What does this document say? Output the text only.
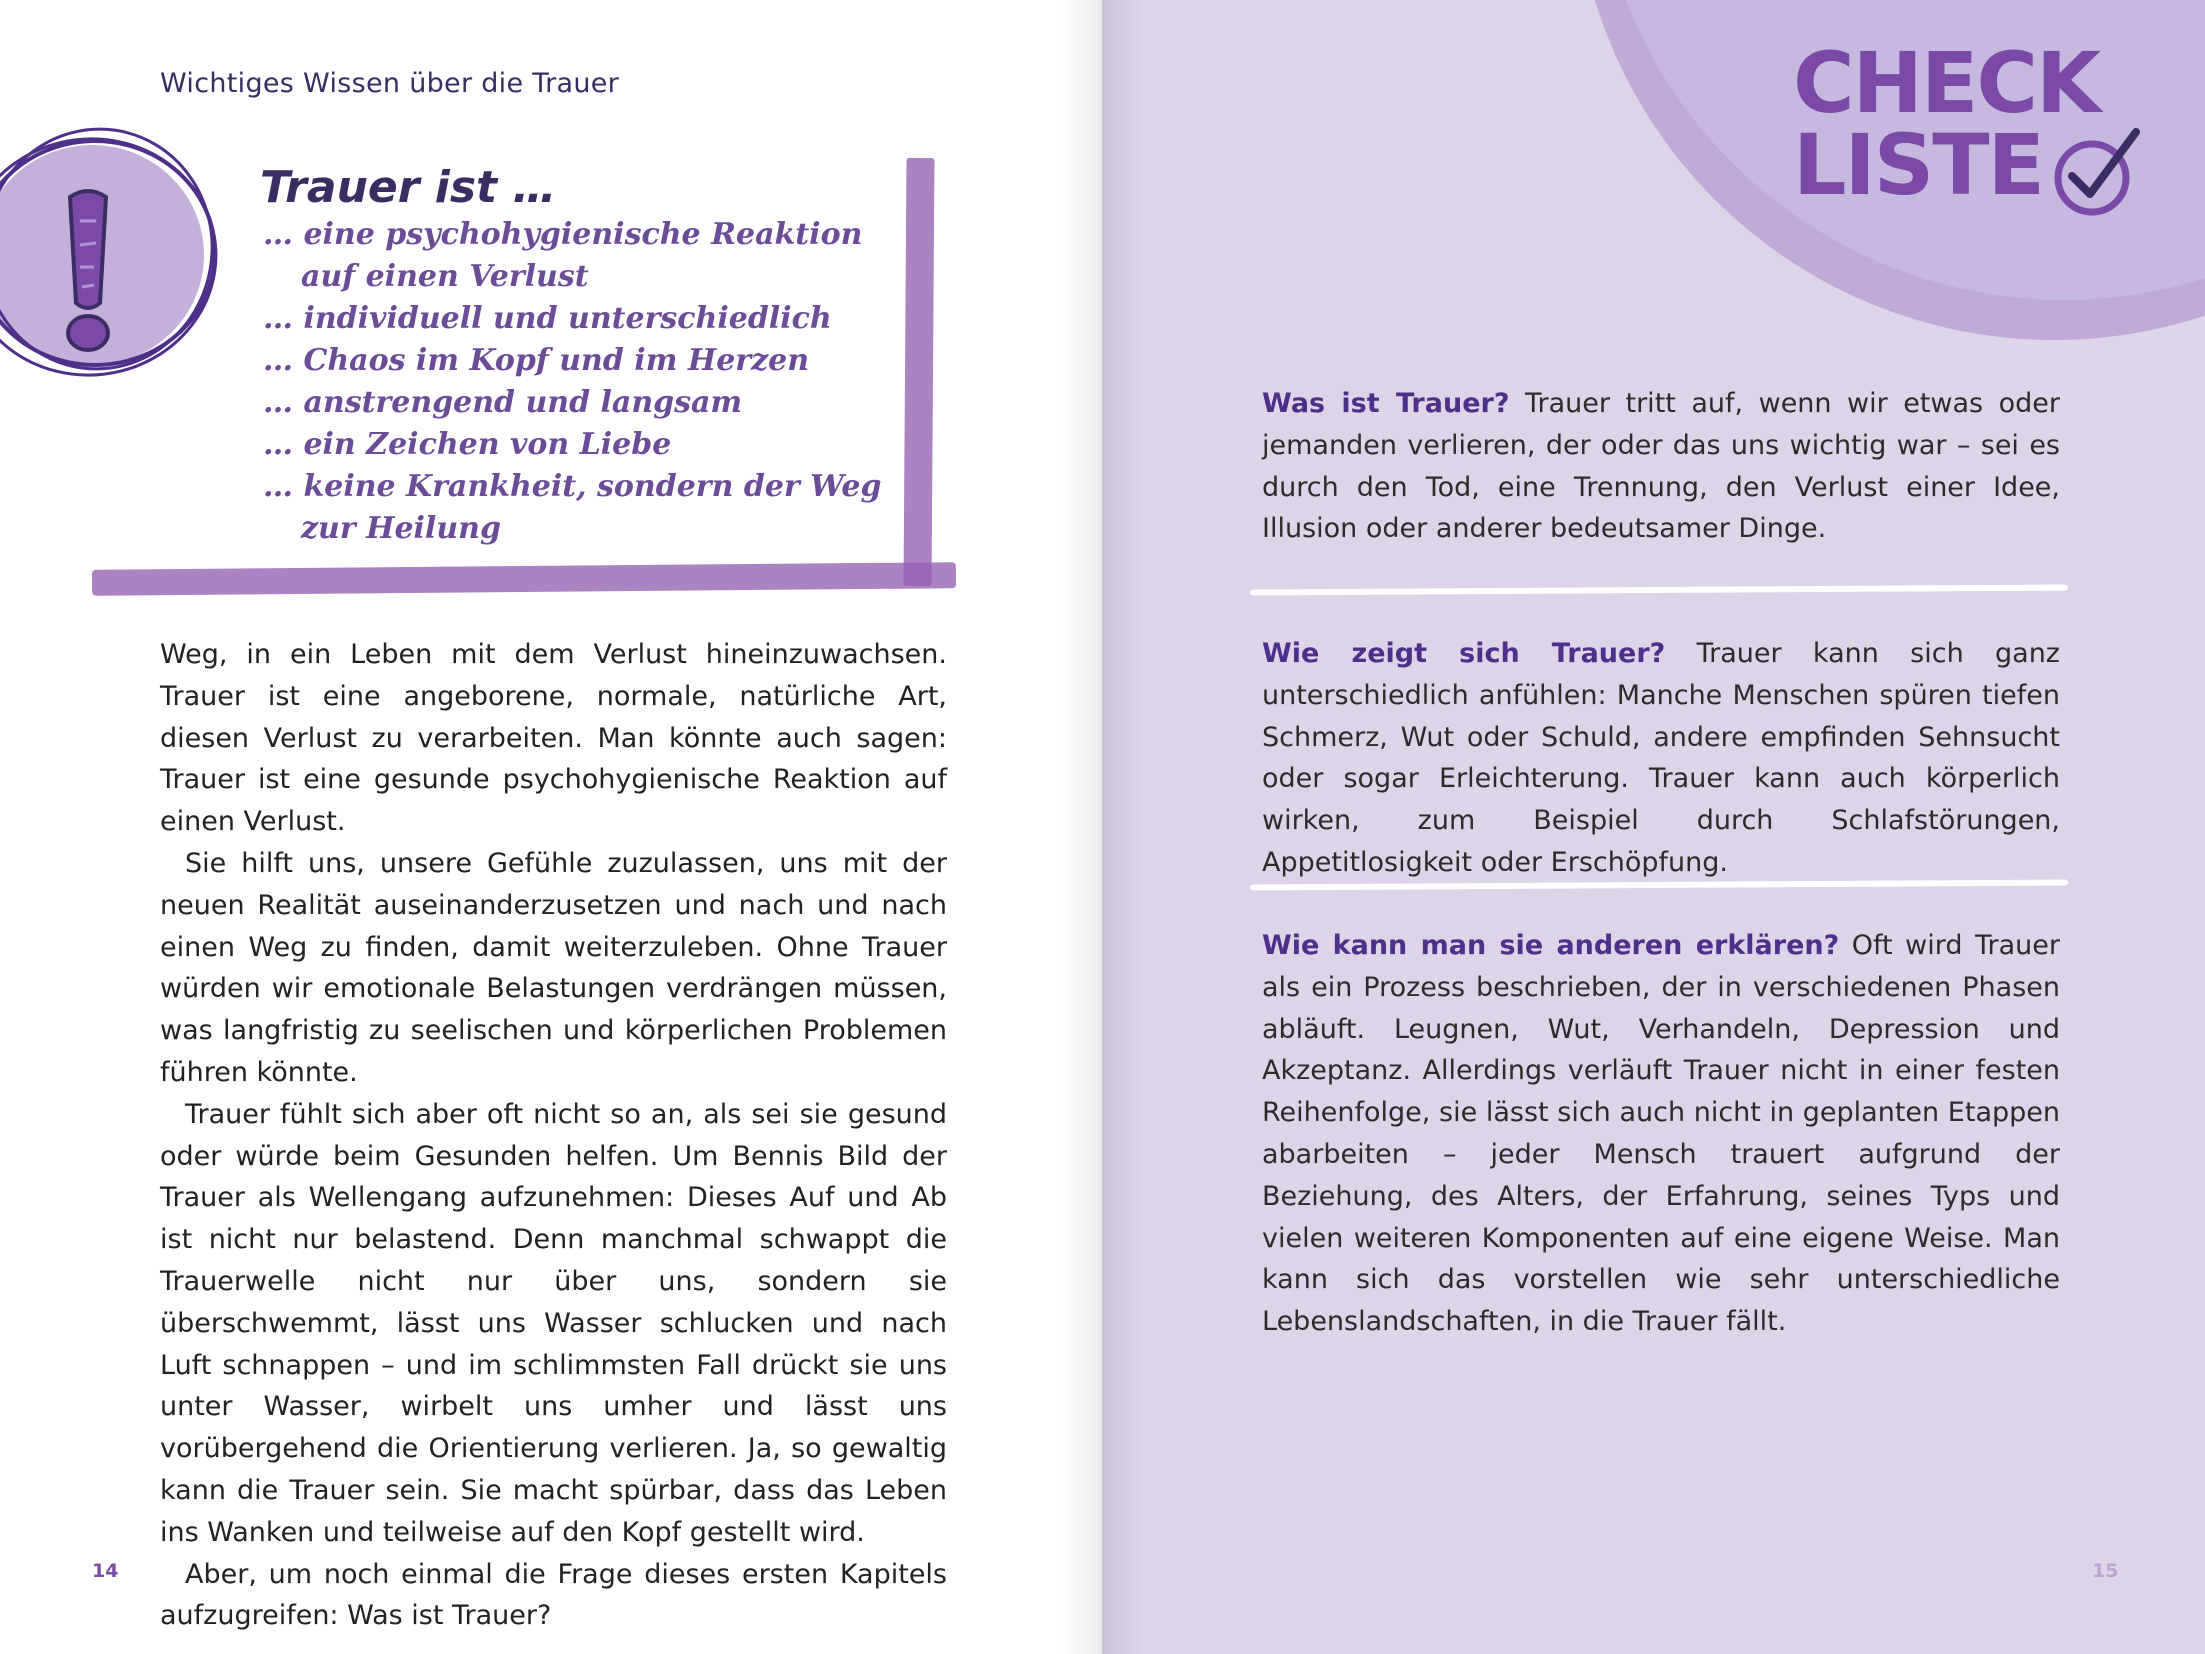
Wichtiges Wissen über die Trauer
Trauer ist …
… eine psychohygienische Reaktion auf einen Verlust
… individuell und unterschiedlich
… Chaos im Kopf und im Herzen
… anstrengend und langsam
… ein Zeichen von Liebe
… keine Krankheit, sondern der Weg zur Heilung

Weg, in ein Leben mit dem Verlust hineinzuwachsen. Trauer ist eine angeborene, normale, natürliche Art, diesen Verlust zu verarbeiten. Man könnte auch sagen: Trauer ist eine gesunde psychohygienische Reaktion auf einen Verlust.

Sie hilft uns, unsere Gefühle zuzulassen, uns mit der neuen Realität auseinanderzusetzen und nach und nach einen Weg zu finden, damit weiterzuleben. Ohne Trauer würden wir emotionale Belastungen verdrängen müssen, was langfristig zu seelischen und körperlichen Problemen führen könnte.

Trauer fühlt sich aber oft nicht so an, als sei sie gesund oder würde beim Gesunden helfen. Um Bennis Bild der Trauer als Wellengang aufzunehmen: Dieses Auf und Ab ist nicht nur belastend. Denn manchmal schwappt die Trauerwelle nicht nur über uns, sondern sie überschwemmt, lässt uns Wasser schlucken und nach Luft schnappen – und im schlimmsten Fall drückt sie uns unter Wasser, wirbelt uns umher und lässt uns vorübergehend die Orientierung verlieren. Ja, so gewaltig kann die Trauer sein. Sie macht spürbar, dass das Leben ins Wanken und teilweise auf den Kopf gestellt wird.

Aber, um noch einmal die Frage dieses ersten Kapitels aufzugreifen: Was ist Trauer?

14
CHECK
LISTE

Was ist Trauer? Trauer tritt auf, wenn wir etwas oder jemanden verlieren, der oder das uns wichtig war – sei es durch den Tod, eine Trennung, den Verlust einer Idee, Illusion oder anderer bedeutsamer Dinge.

Wie zeigt sich Trauer? Trauer kann sich ganz unterschiedlich anfühlen: Manche Menschen spüren tiefen Schmerz, Wut oder Schuld, andere empfinden Sehnsucht oder sogar Erleichterung. Trauer kann auch körperlich wirken, zum Beispiel durch Schlafstörungen, Appetitlosigkeit oder Erschöpfung.

Wie kann man sie anderen erklären? Oft wird Trauer als ein Prozess beschrieben, der in verschiedenen Phasen abläuft. Leugnen, Wut, Verhandeln, Depression und Akzeptanz. Allerdings verläuft Trauer nicht in einer festen Reihenfolge, sie lässt sich auch nicht in geplanten Etappen abarbeiten – jeder Mensch trauert aufgrund der Beziehung, des Alters, der Erfahrung, seines Typs und vielen weiteren Komponenten auf eine eigene Weise. Man kann sich das vorstellen wie sehr unterschiedliche Lebenslandschaften, in die Trauer fällt.

15
